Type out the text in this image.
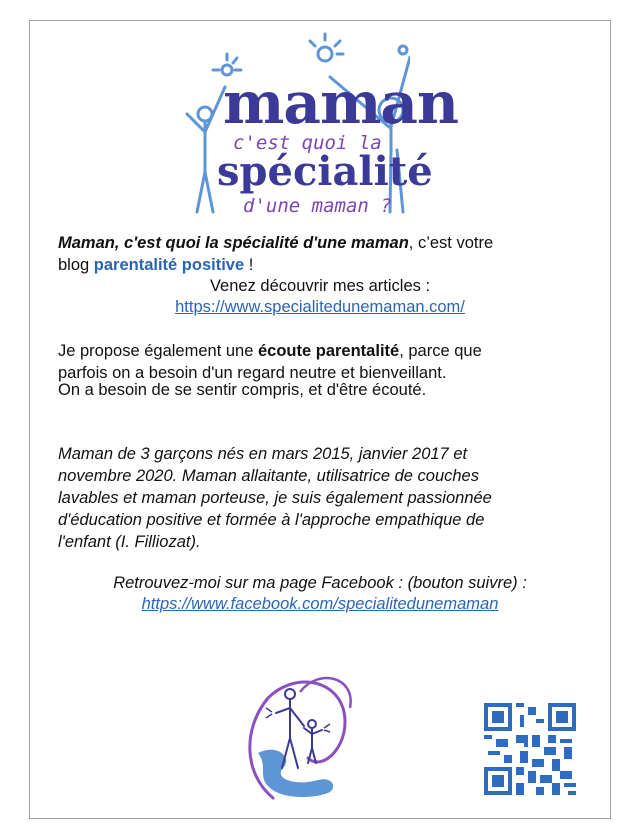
maman
c'est quoi la
spécialité
d'une maman ?
Maman, c'est quoi la spécialité d'une maman, c’est votre
blog parentalité positive !
Venez découvrir mes articles :
https://www.specialitedunemaman.com/
Je propose également une écoute parentalité, parce que
parfois on a besoin d'un regard neutre et bienveillant.
On a besoin de se sentir compris, et d'être écouté.
Maman de 3 garçons nés en mars 2015, janvier 2017 et
novembre 2020. Maman allaitante, utilisatrice de couches
lavables et maman porteuse, je suis également passionnée
d'éducation positive et formée à l'approche empathique de
l'enfant (I. Filliozat).
Retrouvez-moi sur ma page Facebook : (bouton suivre) :
https://www.facebook.com/specialitedunemaman
